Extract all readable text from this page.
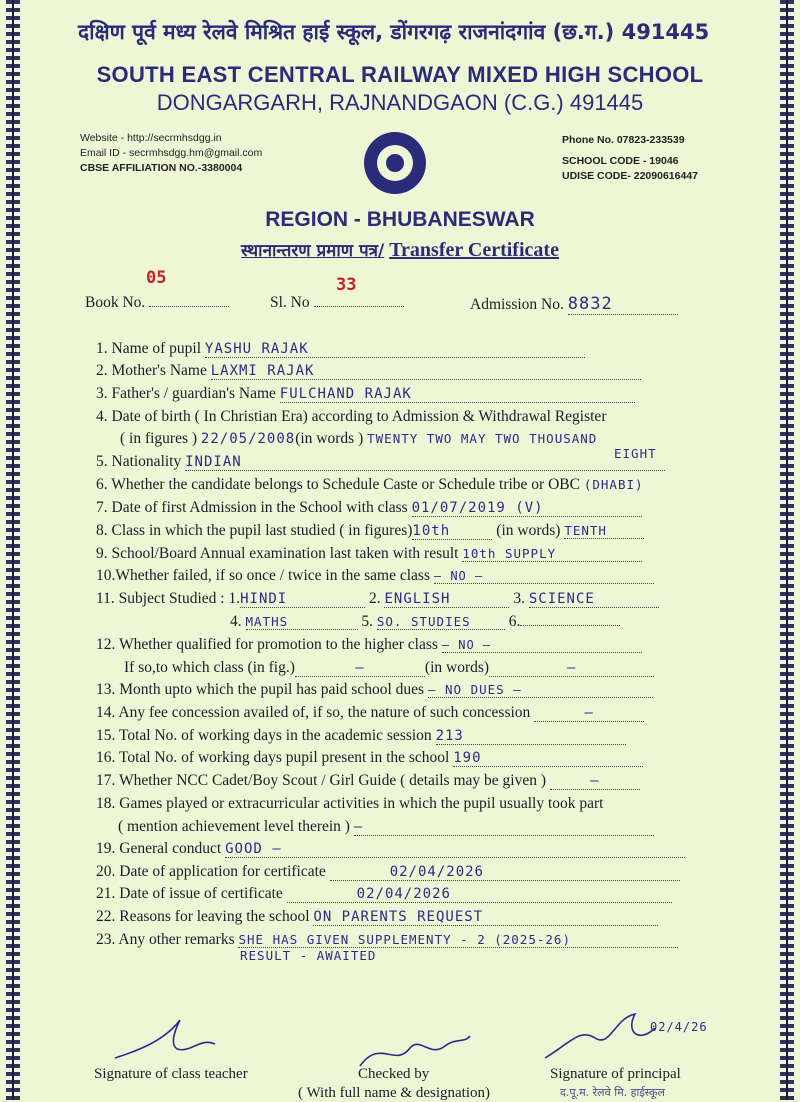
दक्षिण पूर्व मध्य रेलवे मिश्रित हाई स्कूल, डोंगरगढ़ राजनांदगांव (छ.ग.) 491445
SOUTH EAST CENTRAL RAILWAY MIXED HIGH SCHOOL
DONGARGARH, RAJNANDGAON (C.G.) 491445
Website - http://secrmhsdgg.in
Email ID - secrmhsdgg.hm@gmail.com
CBSE AFFILIATION NO.-3380004
Phone No. 07823-233539
SCHOOL CODE - 19046
UDISE CODE- 22090616447
REGION - BHUBANESWAR
स्थानान्तरण प्रमाण पत्र/ Transfer Certificate
05	33
Book No.	Sl. No	Admission No. 8832
1. Name of pupil YASHU RAJAK
2. Mother's Name LAXMI RAJAK
3. Father's / guardian's Name FULCHAND RAJAK
4. Date of birth ( In Christian Era) according to Admission & Withdrawal Register
( in figures ) 22/05/2008(in words ) TWENTY TWO MAY TWO THOUSAND
EIGHT
5. Nationality INDIAN
6. Whether the candidate belongs to Schedule Caste or Schedule tribe or OBC (DHABI)
7. Date of first Admission in the School with class 01/07/2019 (V)
8. Class in which the pupil last studied ( in figures)10th	(in words) TENTH
9. School/Board Annual examination last taken with result 10th SUPPLY
10.Whether failed, if so once / twice in the same class — NO —
11. Subject Studied : 1.HINDI	2. ENGLISH	3. SCIENCE
4. MATHS	5. SO. STUDIES 6.
12. Whether qualified for promotion to the higher class — NO —
If so,to which class (in fig.)	—	(in words)	—
13. Month upto which the pupil has paid school dues — NO DUES —
14. Any fee concession availed of, if so, the nature of such concession	—
15. Total No. of working days in the academic session 213
16. Total No. of working days pupil present in the school 190
17. Whether NCC Cadet/Boy Scout / Girl Guide ( details may be given )	—
18. Games played or extracurricular activities in which the pupil usually took part
( mention achievement level therein ) —
19. General conduct GOOD —
20. Date of application for certificate	02/04/2026
21. Date of issue of certificate	02/04/2026
22. Reasons for leaving the school ON PARENTS REQUEST
23. Any other remarks SHE HAS GIVEN SUPPLEMENTY - 2 (2025-26)
RESULT - AWAITED
02/4/26
Signature of class teacher	Checked by
( With full name & designation)
Signature of principal
द.पू.म. रेलवे मि. हाईस्कूल
